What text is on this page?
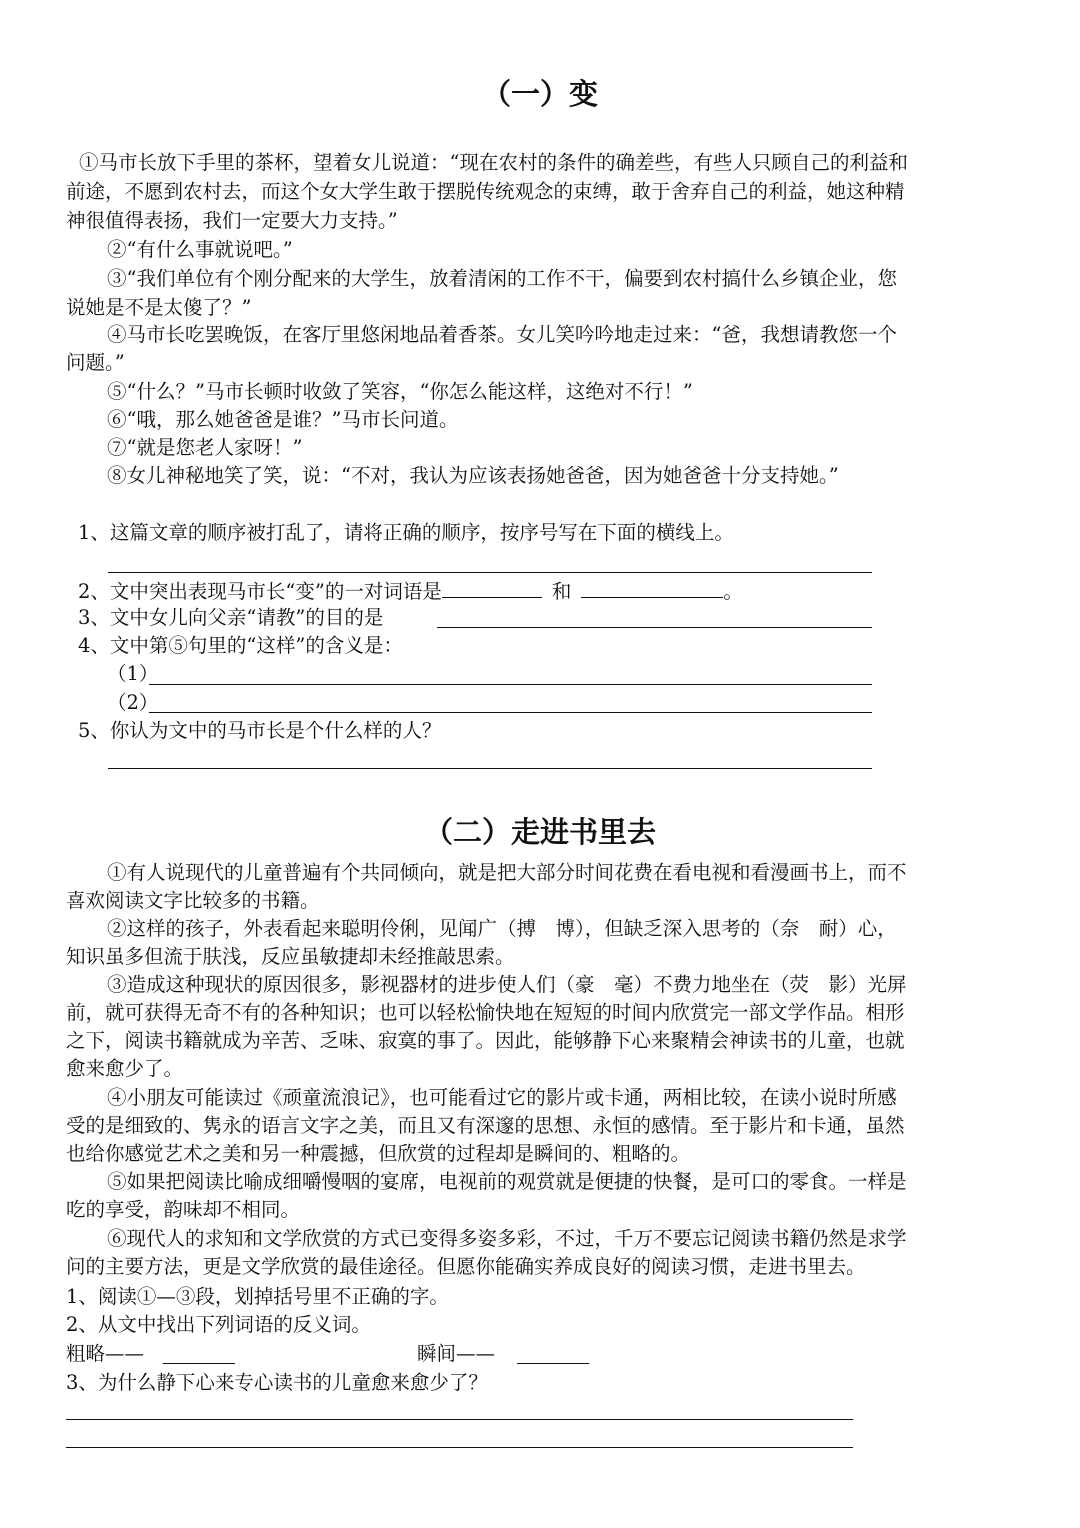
（一）变
①马市长放下手里的茶杯，望着女儿说道：“现在农村的条件的确差些，有些人只顾自己的利益和
前途，不愿到农村去，而这个女大学生敢于摆脱传统观念的束缚，敢于舍弃自己的利益，她这种精
神很值得表扬，我们一定要大力支持。”
②“有什么事就说吧。”
③“我们单位有个刚分配来的大学生，放着清闲的工作不干，偏要到农村搞什么乡镇企业，您
说她是不是太傻了？”
④马市长吃罢晚饭，在客厅里悠闲地品着香茶。女儿笑吟吟地走过来：“爸，我想请教您一个
问题。”
⑤“什么？”马市长顿时收敛了笑容，“你怎么能这样，这绝对不行！”
⑥“哦，那么她爸爸是谁？”马市长问道。
⑦“就是您老人家呀！”
⑧女儿神秘地笑了笑，说：“不对，我认为应该表扬她爸爸，因为她爸爸十分支持她。”
1、这篇文章的顺序被打乱了，请将正确的顺序，按序号写在下面的横线上。
2、文中突出表现马市长“变”的一对词语是	和	。
3、文中女儿向父亲“请教”的目的是
4、文中第⑤句里的“这样”的含义是：
（1）
（2）
5、你认为文中的马市长是个什么样的人？
（二）走进书里去
①有人说现代的儿童普遍有个共同倾向，就是把大部分时间花费在看电视和看漫画书上，而不
喜欢阅读文字比较多的书籍。
②这样的孩子，外表看起来聪明伶俐，见闻广（搏　博），但缺乏深入思考的（奈　耐）心，
知识虽多但流于肤浅，反应虽敏捷却未经推敲思索。
③造成这种现状的原因很多，影视器材的进步使人们（豪　毫）不费力地坐在（荧　影）光屏
前，就可获得无奇不有的各种知识；也可以轻松愉快地在短短的时间内欣赏完一部文学作品。相形
之下，阅读书籍就成为辛苦、乏味、寂寞的事了。因此，能够静下心来聚精会神读书的儿童，也就
愈来愈少了。
④小朋友可能读过《顽童流浪记》，也可能看过它的影片或卡通，两相比较，在读小说时所感
受的是细致的、隽永的语言文字之美，而且又有深邃的思想、永恒的感情。至于影片和卡通，虽然
也给你感觉艺术之美和另一种震撼，但欣赏的过程却是瞬间的、粗略的。
⑤如果把阅读比喻成细嚼慢咽的宴席，电视前的观赏就是便捷的快餐，是可口的零食。一样是
吃的享受，韵味却不相同。
⑥现代人的求知和文学欣赏的方式已变得多姿多彩，不过，千万不要忘记阅读书籍仍然是求学
问的主要方法，更是文学欣赏的最佳途径。但愿你能确实养成良好的阅读习惯，走进书里去。
1、阅读①—③段，划掉括号里不正确的字。
2、从文中找出下列词语的反义词。
粗略——	瞬间——
3、为什么静下心来专心读书的儿童愈来愈少了？
